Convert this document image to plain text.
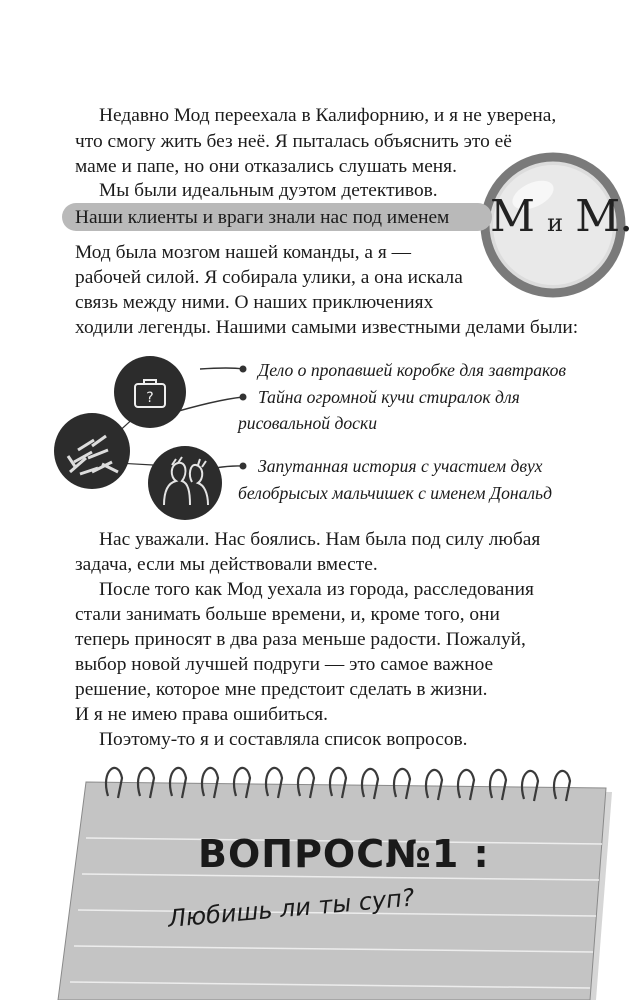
Недавно Мод переехала в Калифорнию, и я не уверена,
что смогу жить без неё. Я пыталась объяснить это её
маме и папе, но они отказались слушать меня.
Мы были идеальным дуэтом детективов.
Наши клиенты и враги знали нас под именем M и M.
Мод была мозгом нашей команды, а я —
рабочей силой. Я собирала улики, а она искала
связь между ними. О наших приключениях
ходили легенды. Нашими самыми известными делами были:
?
Дело о пропавшей коробке для завтраков
Тайна огромной кучи стиралок для
рисовальной доски
Запутанная история с участием двух
белобрысых мальчишек с именем Дональд
Нас уважали. Нас боялись. Нам была под силу любая
задача, если мы действовали вместе.
После того как Мод уехала из города, расследования
стали занимать больше времени, и, кроме того, они
теперь приносят в два раза меньше радости. Пожалуй,
выбор новой лучшей подруги — это самое важное
решение, которое мне предстоит сделать в жизни.
И я не имею права ошибиться.
Поэтому-то я и составляла список вопросов.
ВОПРОС№1 :
Любишь ли ты суп?
